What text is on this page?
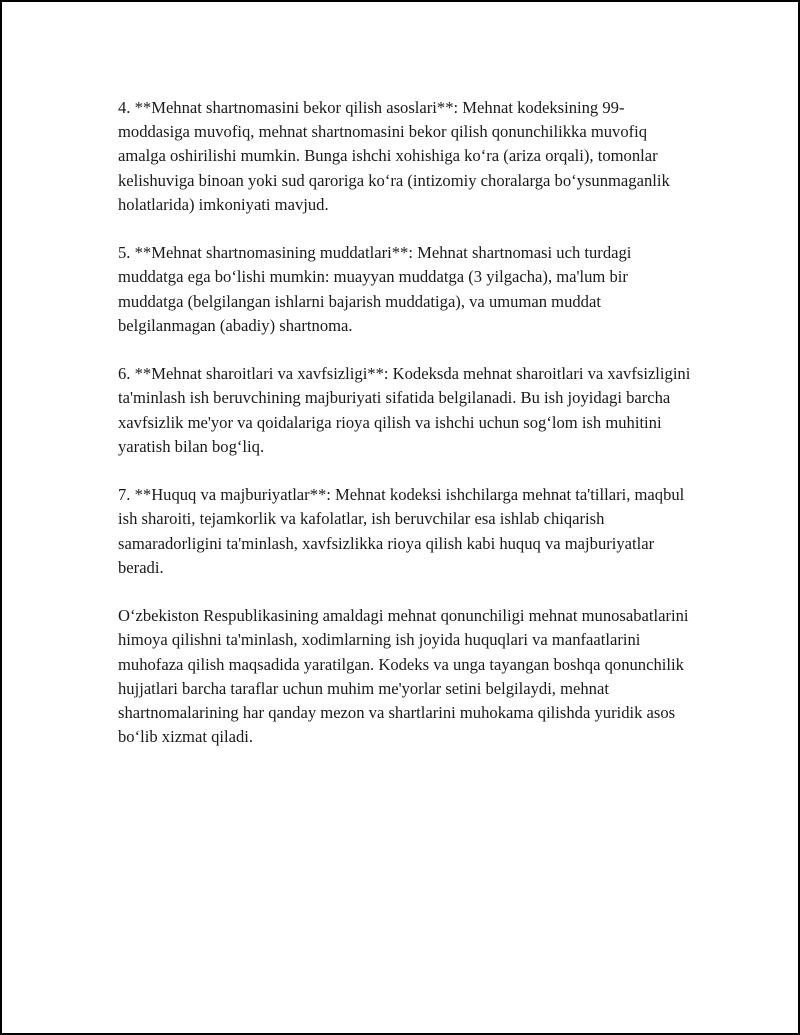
4. **Mehnat shartnomasini bekor qilish asoslari**: Mehnat kodeksining 99-moddasiga muvofiq, mehnat shartnomasini bekor qilish qonunchilikka muvofiq amalga oshirilishi mumkin. Bunga ishchi xohishiga koʻra (ariza orqali), tomonlar kelishuviga binoan yoki sud qaroriga koʻra (intizomiy choralarga boʻysunmaganlik holatlarida) imkoniyati mavjud.

5. **Mehnat shartnomasining muddatlari**: Mehnat shartnomasi uch turdagi muddatga ega boʻlishi mumkin: muayyan muddatga (3 yilgacha), ma'lum bir muddatga (belgilangan ishlarni bajarish muddatiga), va umuman muddat belgilanmagan (abadiy) shartnoma.

6. **Mehnat sharoitlari va xavfsizligi**: Kodeksda mehnat sharoitlari va xavfsizligini ta'minlash ish beruvchining majburiyati sifatida belgilanadi. Bu ish joyidagi barcha xavfsizlik me'yor va qoidalariga rioya qilish va ishchi uchun sogʻlom ish muhitini yaratish bilan bogʻliq.

7. **Huquq va majburiyatlar**: Mehnat kodeksi ishchilarga mehnat ta'tillari, maqbul ish sharoiti, tejamkorlik va kafolatlar, ish beruvchilar esa ishlab chiqarish samaradorligini ta'minlash, xavfsizlikka rioya qilish kabi huquq va majburiyatlar beradi.

Oʻzbekiston Respublikasining amaldagi mehnat qonunchiligi mehnat munosabatlarini himoya qilishni ta'minlash, xodimlarning ish joyida huquqlari va manfaatlarini muhofaza qilish maqsadida yaratilgan. Kodeks va unga tayangan boshqa qonunchilik hujjatlari barcha taraflar uchun muhim me'yorlar setini belgilaydi, mehnat shartnomalarining har qanday mezon va shartlarini muhokama qilishda yuridik asos boʻlib xizmat qiladi.
